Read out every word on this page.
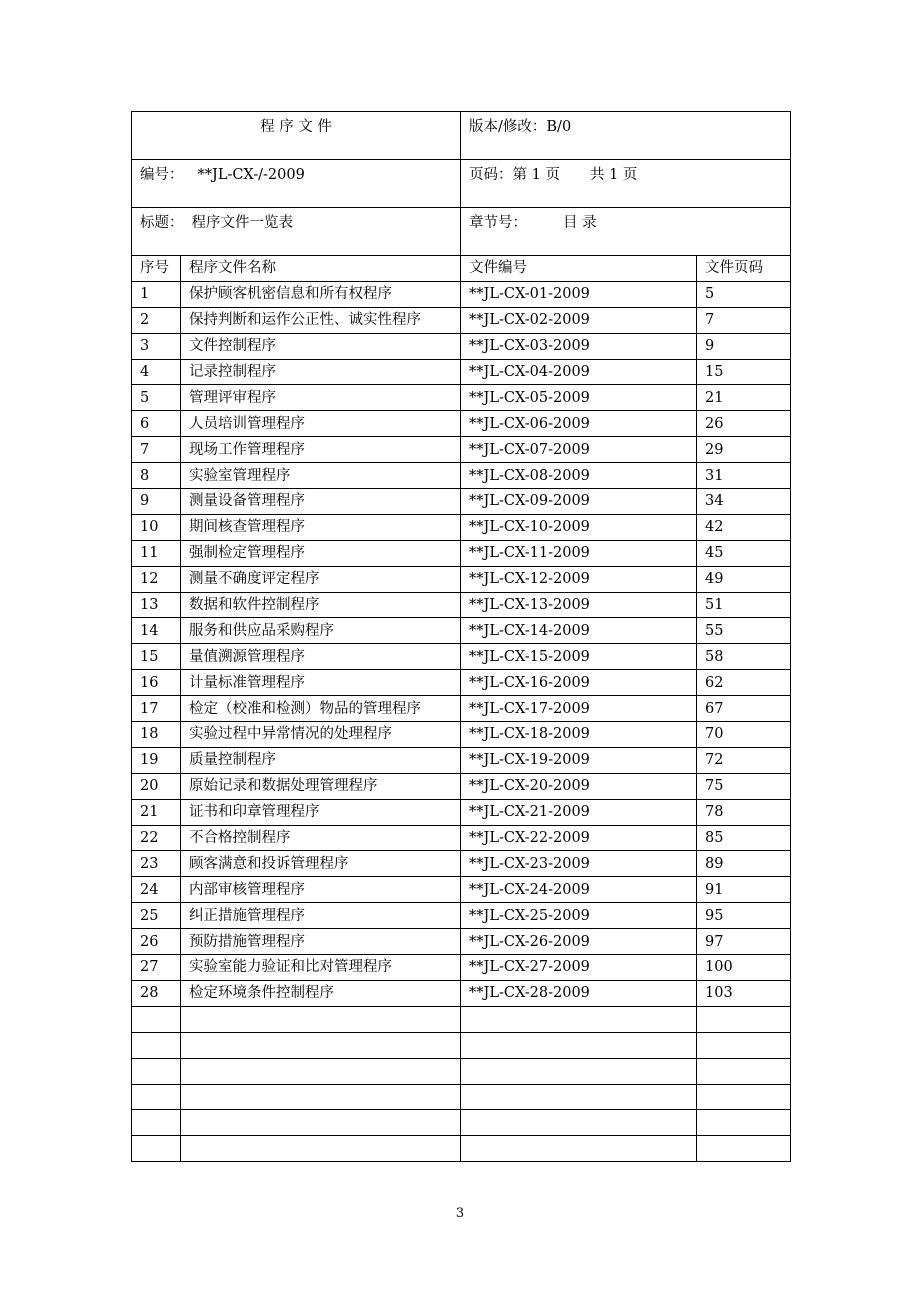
程 序 文 件		版本/修改：B/0	
编号： **JL-CX-/-2009		页码：第 1 页 共 1 页	
标题： 程序文件一览表		章节号： 目 录	
序号	程序文件名称	文件编号	文件页码
1	保护顾客机密信息和所有权程序	**JL-CX-01-2009	5
2	保持判断和运作公正性、诚实性程序	**JL-CX-02-2009	7
3	文件控制程序	**JL-CX-03-2009	9
4	记录控制程序	**JL-CX-04-2009	15
5	管理评审程序	**JL-CX-05-2009	21
6	人员培训管理程序	**JL-CX-06-2009	26
7	现场工作管理程序	**JL-CX-07-2009	29
8	实验室管理程序	**JL-CX-08-2009	31
9	测量设备管理程序	**JL-CX-09-2009	34
10	期间核查管理程序	**JL-CX-10-2009	42
11	强制检定管理程序	**JL-CX-11-2009	45
12	测量不确度评定程序	**JL-CX-12-2009	49
13	数据和软件控制程序	**JL-CX-13-2009	51
14	服务和供应品采购程序	**JL-CX-14-2009	55
15	量值溯源管理程序	**JL-CX-15-2009	58
16	计量标准管理程序	**JL-CX-16-2009	62
17	检定（校准和检测）物品的管理程序	**JL-CX-17-2009	67
18	实验过程中异常情况的处理程序	**JL-CX-18-2009	70
19	质量控制程序	**JL-CX-19-2009	72
20	原始记录和数据处理管理程序	**JL-CX-20-2009	75
21	证书和印章管理程序	**JL-CX-21-2009	78
22	不合格控制程序	**JL-CX-22-2009	85
23	顾客满意和投诉管理程序	**JL-CX-23-2009	89
24	内部审核管理程序	**JL-CX-24-2009	91
25	纠正措施管理程序	**JL-CX-25-2009	95
26	预防措施管理程序	**JL-CX-26-2009	97
27	实验室能力验证和比对管理程序	**JL-CX-27-2009	100
28	检定环境条件控制程序	**JL-CX-28-2009	103

3
